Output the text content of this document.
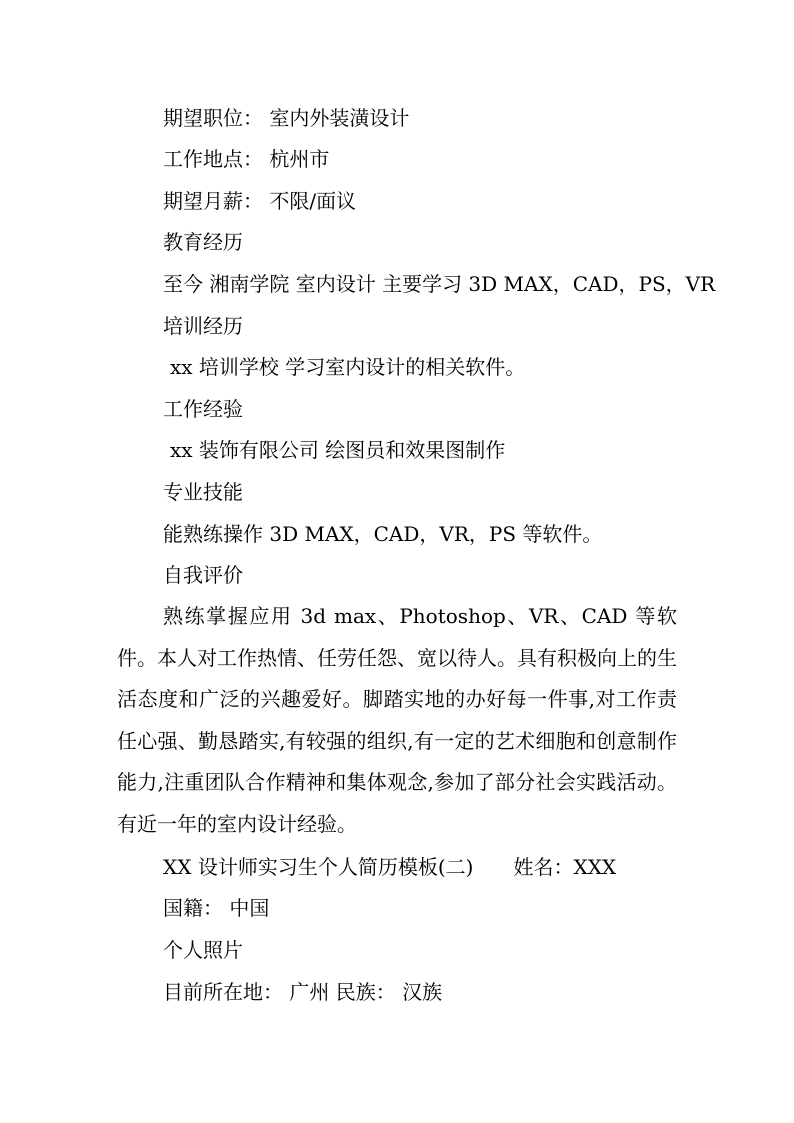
期望职位： 室内外装潢设计
工作地点： 杭州市
期望月薪： 不限/面议
教育经历
至今 湘南学院 室内设计 主要学习 3D MAX，CAD，PS，VR
培训经历
xx 培训学校 学习室内设计的相关软件。
工作经验
xx 装饰有限公司 绘图员和效果图制作
专业技能
能熟练操作 3D MAX，CAD，VR，PS 等软件。
自我评价
熟练掌握应用 3d max、Photoshop、VR、CAD 等软件。本人对工作热情、任劳任怨、宽以待人。具有积极向上的生活态度和广泛的兴趣爱好。脚踏实地的办好每一件事,对工作责任心强、勤恳踏实,有较强的组织,有一定的艺术细胞和创意制作能力,注重团队合作精神和集体观念,参加了部分社会实践活动。 有近一年的室内设计经验。
XX 设计师实习生个人简历模板(二) 姓名：XXX
国籍： 中国
个人照片
目前所在地： 广州 民族： 汉族
